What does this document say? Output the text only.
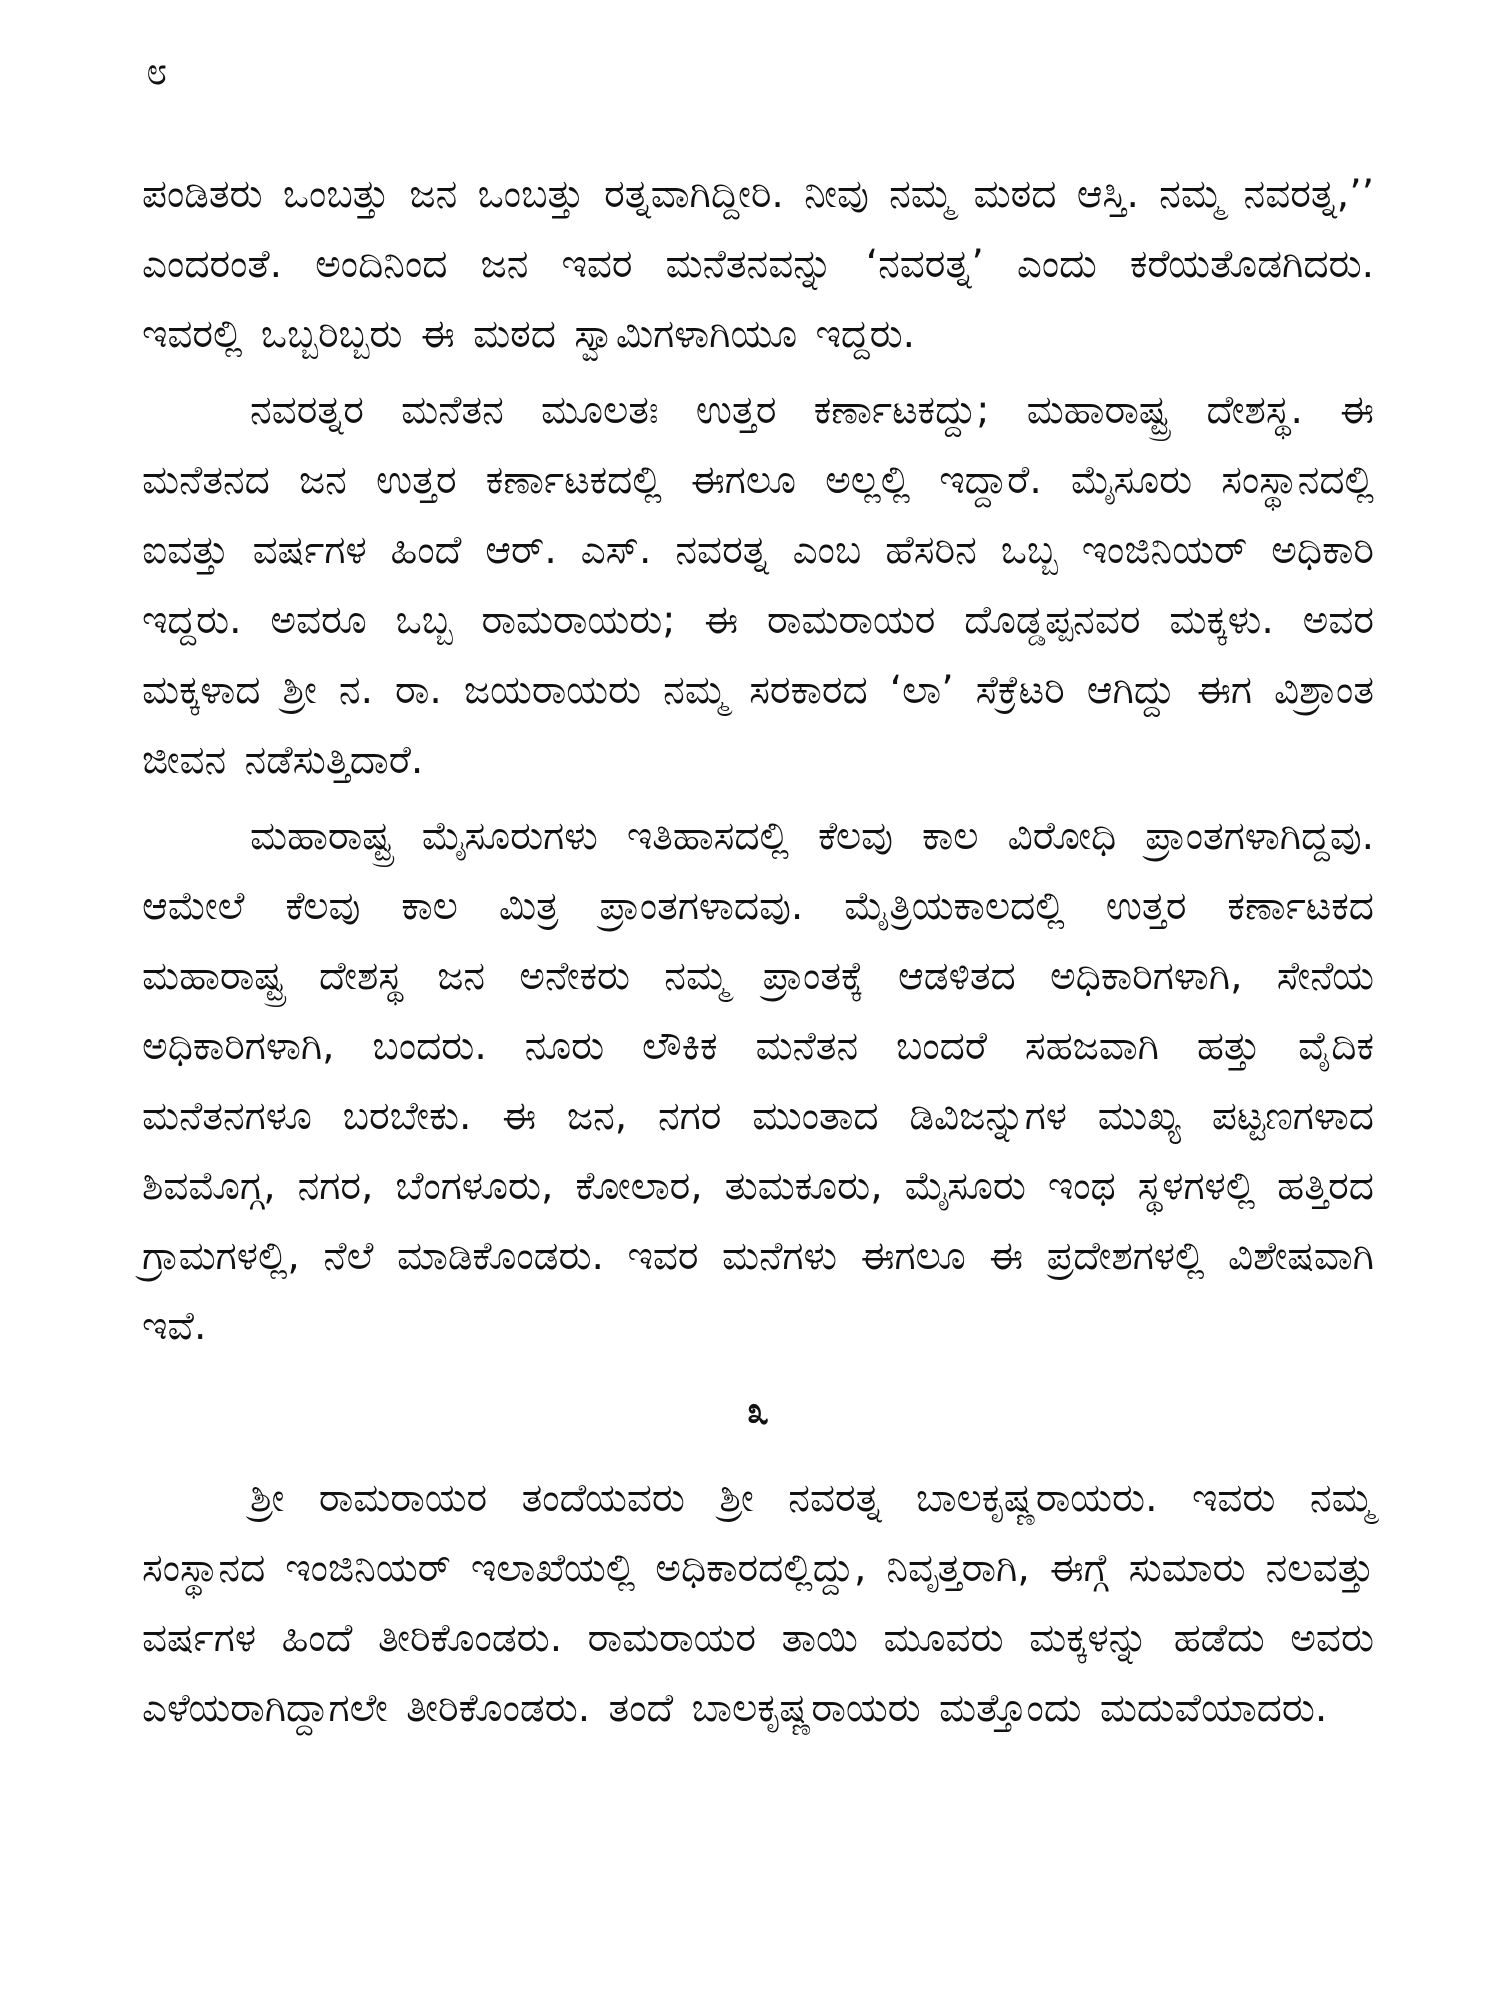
೮

ಪಂಡಿತರು ಒಂಬತ್ತು ಜನ ಒಂಬತ್ತು ರತ್ನವಾಗಿದ್ದೀರಿ. ನೀವು ನಮ್ಮ ಮಠದ ಆಸ್ತಿ. ನಮ್ಮ ನವರತ್ನ,’’ ಎಂದರಂತೆ. ಅಂದಿನಿಂದ ಜನ ಇವರ ಮನೆತನವನ್ನು ‘ನವರತ್ನ’ ಎಂದು ಕರೆಯತೊಡಗಿದರು. ಇವರಲ್ಲಿ ಒಬ್ಬರಿಬ್ಬರು ಈ ಮಠದ ಸ್ವಾಮಿಗಳಾಗಿಯೂ ಇದ್ದರು.

ನವರತ್ನರ ಮನೆತನ ಮೂಲತಃ ಉತ್ತರ ಕರ್ಣಾಟಕದ್ದು; ಮಹಾರಾಷ್ಟ್ರ ದೇಶಸ್ಥ. ಈ ಮನೆತನದ ಜನ ಉತ್ತರ ಕರ್ಣಾಟಕದಲ್ಲಿ ಈಗಲೂ ಅಲ್ಲಲ್ಲಿ ಇದ್ದಾರೆ. ಮೈಸೂರು ಸಂಸ್ಥಾನದಲ್ಲಿ ಐವತ್ತು ವರ್ಷಗಳ ಹಿಂದೆ ಆರ್. ಎಸ್. ನವರತ್ನ ಎಂಬ ಹೆಸರಿನ ಒಬ್ಬ ಇಂಜಿನಿಯರ್ ಅಧಿಕಾರಿ ಇದ್ದರು. ಅವರೂ ಒಬ್ಬ ರಾಮರಾಯರು; ಈ ರಾಮರಾಯರ ದೊಡ್ಡಪ್ಪನವರ ಮಕ್ಕಳು. ಅವರ ಮಕ್ಕಳಾದ ಶ್ರೀ ನ. ರಾ. ಜಯರಾಯರು ನಮ್ಮ ಸರಕಾರದ ‘ಲಾ’ ಸೆಕ್ರೆಟರಿ ಆಗಿದ್ದು ಈಗ ವಿಶ್ರಾಂತ ಜೀವನ ನಡೆಸುತ್ತಿದಾರೆ.

ಮಹಾರಾಷ್ಟ್ರ ಮೈಸೂರುಗಳು ಇತಿಹಾಸದಲ್ಲಿ ಕೆಲವು ಕಾಲ ವಿರೋಧಿ ಪ್ರಾಂತಗಳಾಗಿದ್ದವು. ಆಮೇಲೆ ಕೆಲವು ಕಾಲ ಮಿತ್ರ ಪ್ರಾಂತಗಳಾದವು. ಮೈತ್ರಿಯಕಾಲದಲ್ಲಿ ಉತ್ತರ ಕರ್ಣಾಟಕದ ಮಹಾರಾಷ್ಟ್ರ ದೇಶಸ್ಥ ಜನ ಅನೇಕರು ನಮ್ಮ ಪ್ರಾಂತಕ್ಕೆ ಆಡಳಿತದ ಅಧಿಕಾರಿಗಳಾಗಿ, ಸೇನೆಯ ಅಧಿಕಾರಿಗಳಾಗಿ, ಬಂದರು. ನೂರು ಲೌಕಿಕ ಮನೆತನ ಬಂದರೆ ಸಹಜವಾಗಿ ಹತ್ತು ವೈದಿಕ ಮನೆತನಗಳೂ ಬರಬೇಕು. ಈ ಜನ, ನಗರ ಮುಂತಾದ ಡಿವಿಜನ್ನುಗಳ ಮುಖ್ಯ ಪಟ್ಟಣಗಳಾದ ಶಿವಮೊಗ್ಗ, ನಗರ, ಬೆಂಗಳೂರು, ಕೋಲಾರ, ತುಮಕೂರು, ಮೈಸೂರು ಇಂಥ ಸ್ಥಳಗಳಲ್ಲಿ ಹತ್ತಿರದ ಗ್ರಾಮಗಳಲ್ಲಿ, ನೆಲೆ ಮಾಡಿಕೊಂಡರು. ಇವರ ಮನೆಗಳು ಈಗಲೂ ಈ ಪ್ರದೇಶಗಳಲ್ಲಿ ವಿಶೇಷವಾಗಿ ಇವೆ.

೩

ಶ್ರೀ ರಾಮರಾಯರ ತಂದೆಯವರು ಶ್ರೀ ನವರತ್ನ ಬಾಲಕೃಷ್ಣರಾಯರು. ಇವರು ನಮ್ಮ ಸಂಸ್ಥಾನದ ಇಂಜಿನಿಯರ್ ಇಲಾಖೆಯಲ್ಲಿ ಅಧಿಕಾರದಲ್ಲಿದ್ದು, ನಿವೃತ್ತರಾಗಿ, ಈಗ್ಗೆ ಸುಮಾರು ನಲವತ್ತು ವರ್ಷಗಳ ಹಿಂದೆ ತೀರಿಕೊಂಡರು. ರಾಮರಾಯರ ತಾಯಿ ಮೂವರು ಮಕ್ಕಳನ್ನು ಹಡೆದು ಅವರು ಎಳೆಯರಾಗಿದ್ದಾಗಲೇ ತೀರಿಕೊಂಡರು. ತಂದೆ ಬಾಲಕೃಷ್ಣರಾಯರು ಮತ್ತೊಂದು ಮದುವೆಯಾದರು.
